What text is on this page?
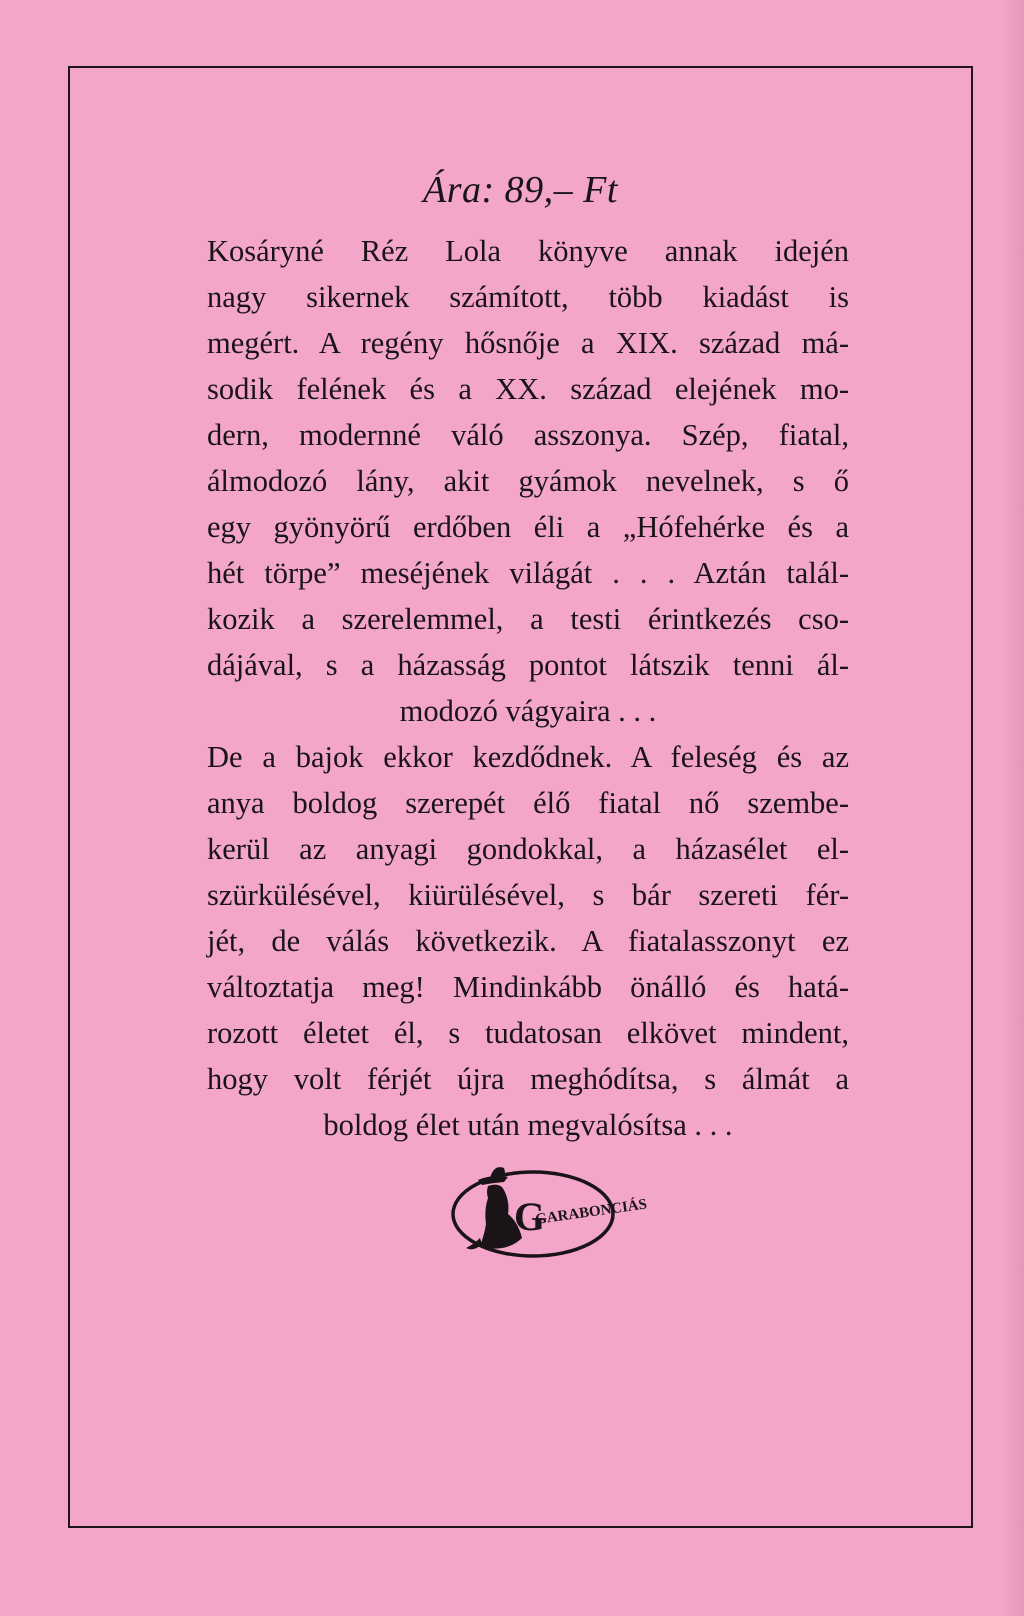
Ára: 89,– Ft
Kosáryné Réz Lola könyve annak idején
nagy sikernek számított, több kiadást is
megért. A regény hősnője a XIX. század má-
sodik felének és a XX. század elejének mo-
dern, modernné váló asszonya. Szép, fiatal,
álmodozó lány, akit gyámok nevelnek, s ő
egy gyönyörű erdőben éli a „Hófehérke és a
hét törpe” meséjének világát . . . Aztán talál-
kozik a szerelemmel, a testi érintkezés cso-
dájával, s a házasság pontot látszik tenni ál-
modozó vágyaira . . .
De a bajok ekkor kezdődnek. A feleség és az
anya boldog szerepét élő fiatal nő szembe-
kerül az anyagi gondokkal, a házasélet el-
szürkülésével, kiürülésével, s bár szereti fér-
jét, de válás következik. A fiatalasszonyt ez
változtatja meg! Mindinkább önálló és hatá-
rozott életet él, s tudatosan elkövet mindent,
hogy volt férjét újra meghódítsa, s álmát a
boldog élet után megvalósítsa . . .
G
GARABONCIÁS
